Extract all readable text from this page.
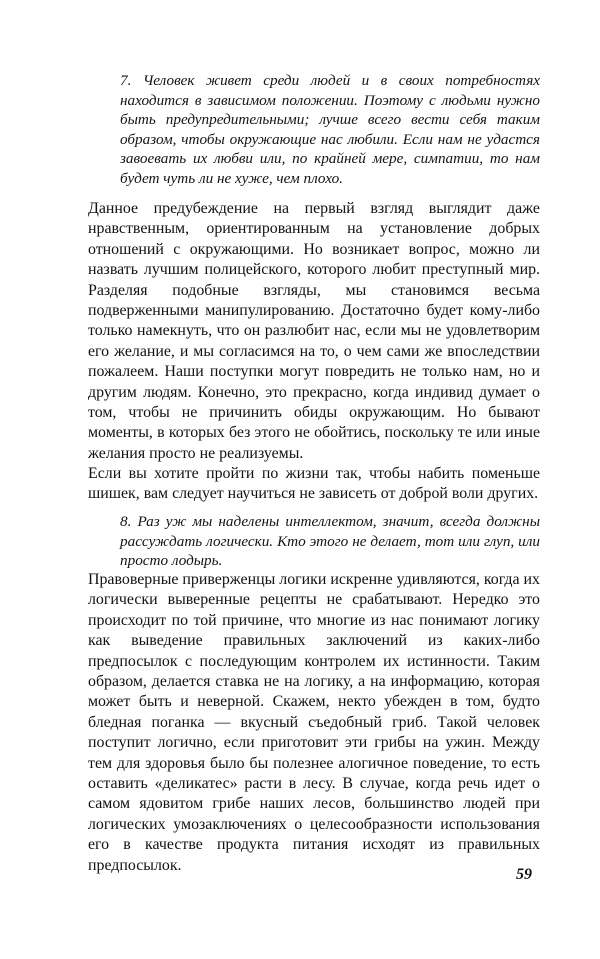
7. Человек живет среди людей и в своих потребностях находится в зависимом положении. Поэтому с людьми нужно быть предупредительными; лучше всего вести себя таким образом, чтобы окружающие нас любили. Если нам не удастся завоевать их любви или, по крайней мере, симпатии, то нам будет чуть ли не хуже, чем плохо.

Данное предубеждение на первый взгляд выглядит даже нравственным, ориентированным на установление добрых отношений с окружающими. Но возникает вопрос, можно ли назвать лучшим полицейского, которого любит преступный мир. Разделяя подобные взгляды, мы становимся весьма подверженными манипулированию. Достаточно будет кому-либо только намекнуть, что он разлюбит нас, если мы не удовлетворим его желание, и мы согласимся на то, о чем сами же впоследствии пожалеем. Наши поступки могут повредить не только нам, но и другим людям. Конечно, это прекрасно, когда индивид думает о том, чтобы не причинить обиды окружающим. Но бывают моменты, в которых без этого не обойтись, поскольку те или иные желания просто не реализуемы.

Если вы хотите пройти по жизни так, чтобы набить поменьше шишек, вам следует научиться не зависеть от доброй воли других.

8. Раз уж мы наделены интеллектом, значит, всегда должны рассуждать логически. Кто этого не делает, тот или глуп, или просто лодырь.

Правоверные приверженцы логики искренне удивляются, когда их логически выверенные рецепты не срабатывают. Нередко это происходит по той причине, что многие из нас понимают логику как выведение правильных заключений из каких-либо предпосылок с последующим контролем их истинности. Таким образом, делается ставка не на логику, а на информацию, которая может быть и неверной. Скажем, некто убежден в том, будто бледная поганка — вкусный съедобный гриб. Такой человек поступит логично, если приготовит эти грибы на ужин. Между тем для здоровья было бы полезнее алогичное поведение, то есть оставить «деликатес» расти в лесу. В случае, когда речь идет о самом ядовитом грибе наших лесов, большинство людей при логических умозаключениях о целесообразности использования его в качестве продукта питания исходят из правильных предпосылок.

59
